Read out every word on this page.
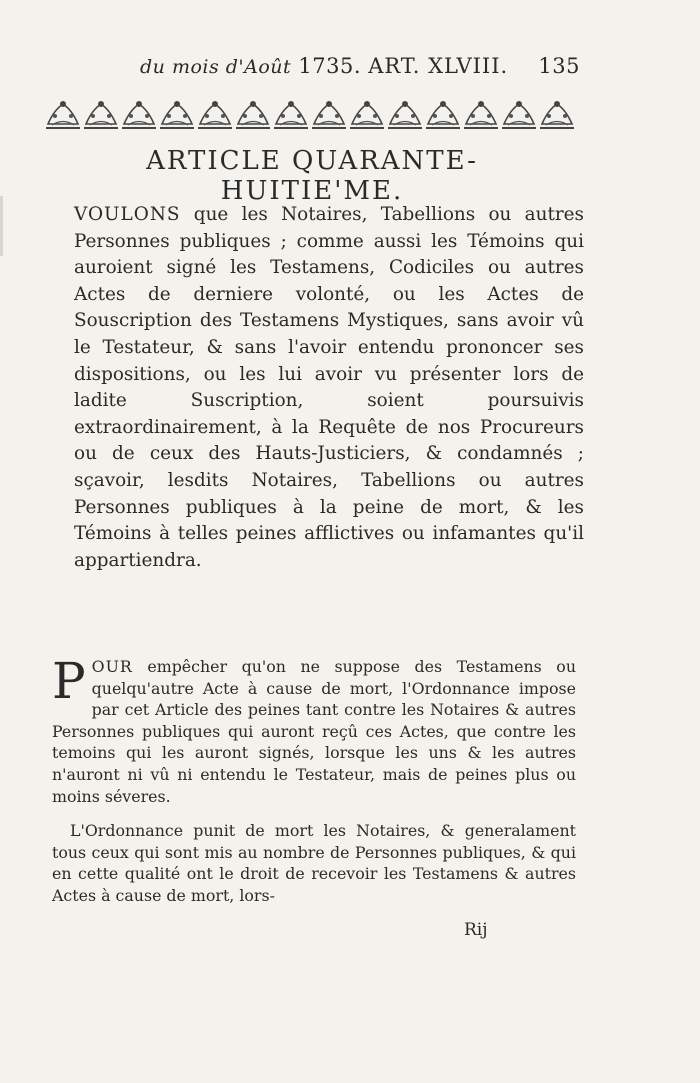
du mois d'Août 1735. ART. XLVIII. 135
ARTICLE QUARANTE-HUITIE'ME.

VOULONS que les Notaires, Tabellions ou autres Personnes publiques ; comme aussi les Témoins qui auroient signé les Testamens, Codiciles ou autres Actes de derniere volonté, ou les Actes de Souscription des Testamens Mystiques, sans avoir vû le Testateur, & sans l'avoir entendu prononcer ses dispositions, ou les lui avoir vu présenter lors de ladite Suscription, soient poursuivis extraordinairement, à la Requête de nos Procureurs ou de ceux des Hauts-Justiciers, & condamnés ; sçavoir, lesdits Notaires, Tabellions ou autres Personnes publiques à la peine de mort, & les Témoins à telles peines afflictives ou infamantes qu'il appartiendra.

POUR empêcher qu'on ne suppose des Testamens ou quelqu'autre Acte à cause de mort, l'Ordonnance impose par cet Article des peines tant contre les Notaires & autres Personnes publiques qui auront reçû ces Actes, que contre les temoins qui les auront signés, lorsque les uns & les autres n'auront ni vû ni entendu le Testateur, mais de peines plus ou moins séveres.

L'Ordonnance punit de mort les Notaires, & generalament tous ceux qui sont mis au nombre de Personnes publiques, & qui en cette qualité ont le droit de recevoir les Testamens & autres Actes à cause de mort, lors-

Rij
